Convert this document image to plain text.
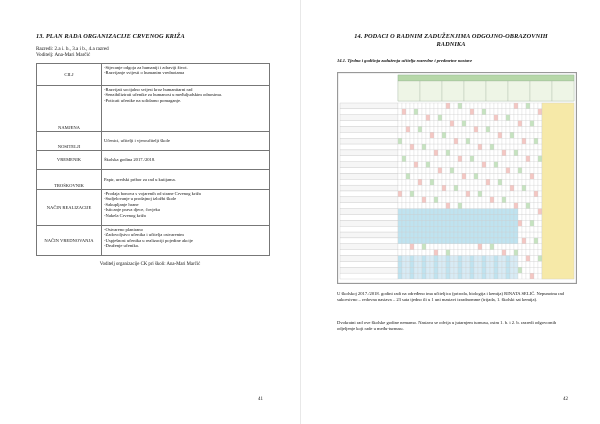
13. PLAN RADA ORGANIZACIJE CRVENOG KRIŽA
Razredi: 2.a i. b., 3.a i b., 4.a razred
Voditelj: Ana-Mari Marčić
CILJ	-Stjecanje odgoja za humaniji i zdraviji život.
-Razvijanje svijesti o humanim vrednotama

NAMJENA	-Razvijati socijalno svijest kroz humanitarni rad
-Senzibilizirati učenike za humanost u međuljudskim odnosima.
-Poticati učenike na solidarno pomaganje.

NOSITELJI	Učenici, učitelji i vjeroučitelji škole

VREMENIK	Školska godina 2017./2018.

TROŠKOVNIK	Papir, uredski pribor za rad u kutijama.

NAČIN REALIZACIJE	-Prodaja bonova s vojarenih od strane Crvenog križa
-Sudjelovanje u prodajnoj izložbi škole
-Sakupljanje hrane
-Isticanje prava djece, čovjeka
-Nakela Crvenog križa

NAČIN VREDNOVANJA	-Ostvareno planirano
-Zadovoljstvo učenika i učitelja ostvarenim
-Uspješnost učenika u realizaciji pojedine akcije
-Druženje učenika.
Voditelj organizacije CK pri školi: Ana-Mari Marčić
41
14. PODACI O RADNIM ZADUŽENJIMA ODGOJNO-OBRAZOVNIH
RADNIKA
14.1. Tjedna i godišnja zaduženja učitelja razredne i predmetne nastave
U školskoj 2017./2018. godini radi na određeno ima učiteljica (priroda, biologija i kemija) RINATA SELIĆ. Nepunotnu rad sukcesivno – redovna nastava – 23 sata tjedno ili u 1 uni mastavi izradnomme (trijada, 1. školski sat kemija).
Dvokratni rad ove školske godine nemamo. Nastava se odvija u jutarnjem turnusu, osim 1. b. i 2. b. razredi odgovornih odjeljenje koji rade u među-turnusu.
42
